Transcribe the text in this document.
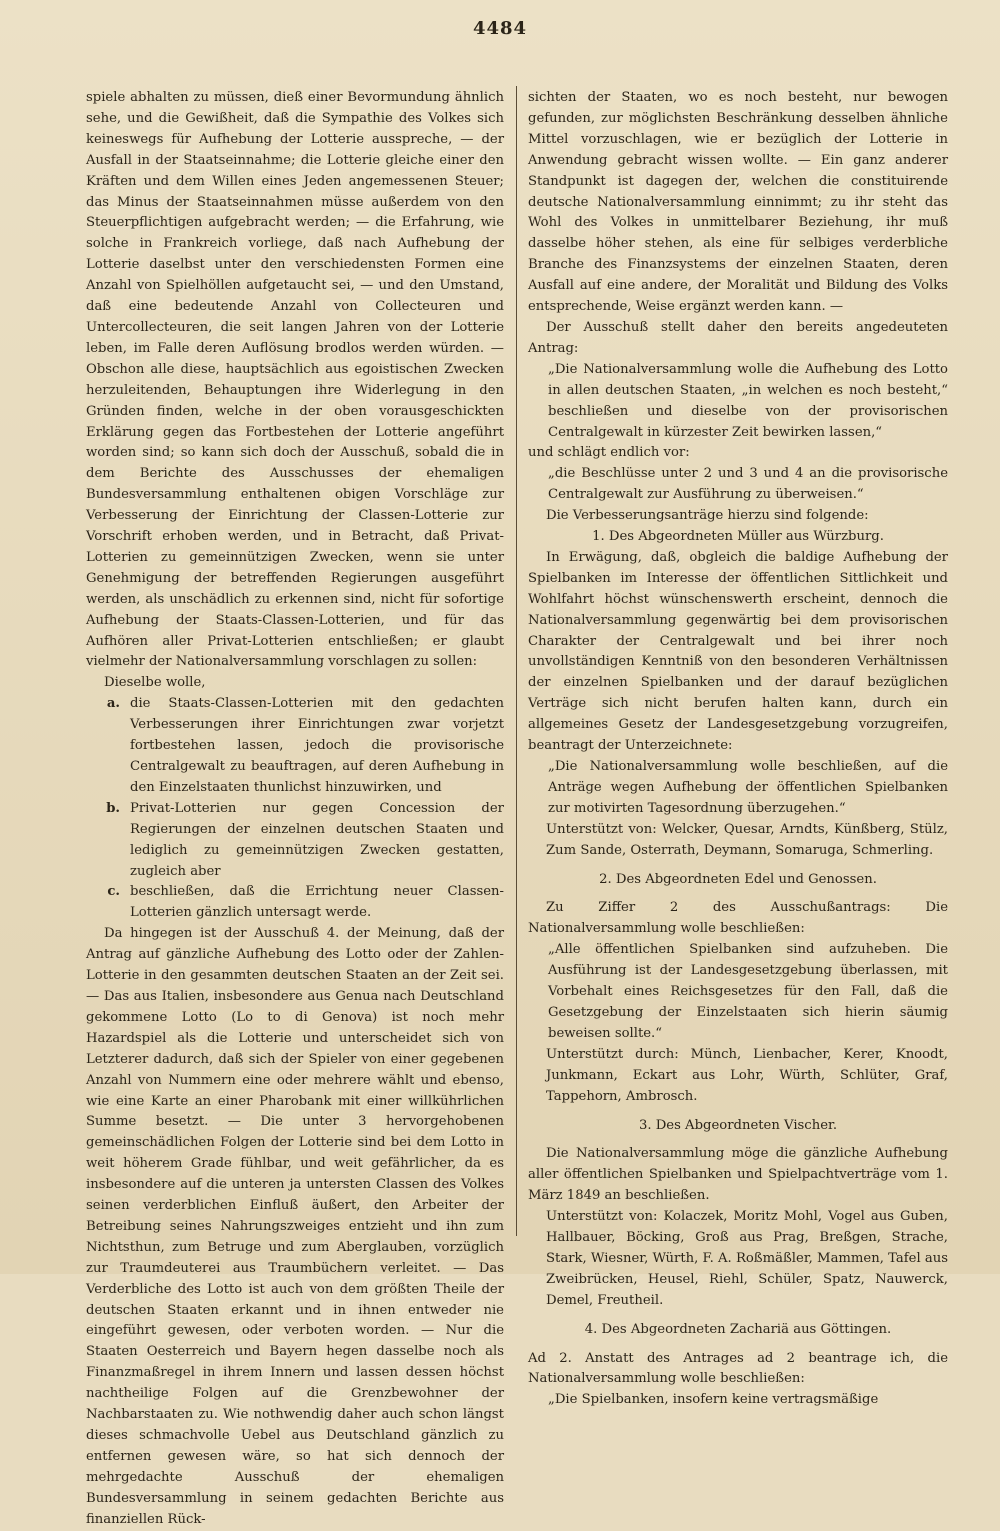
4484

spiele abhalten zu müssen, dieß einer Bevormundung ähnlich sehe, und die Gewißheit, daß die Sympathie des Volkes sich keineswegs für Aufhebung der Lotterie ausspreche, — der Ausfall in der Staatseinnahme; die Lotterie gleiche einer den Kräften und dem Willen eines Jeden angemessenen Steuer; das Minus der Staatseinnahmen müsse außerdem von den Steuerpflichtigen aufgebracht werden; — die Erfahrung, wie solche in Frankreich vorliege, daß nach Aufhebung der Lotterie daselbst unter den verschiedensten Formen eine Anzahl von Spielhöllen aufgetaucht sei, — und den Umstand, daß eine bedeutende Anzahl von Collecteuren und Untercollecteuren, die seit langen Jahren von der Lotterie leben, im Falle deren Auflösung brodlos werden würden. — Obschon alle diese, hauptsächlich aus egoistischen Zwecken herzuleitenden, Behauptungen ihre Widerlegung in den Gründen finden, welche in der oben vorausgeschickten Erklärung gegen das Fortbestehen der Lotterie angeführt worden sind; so kann sich doch der Ausschuß, sobald die in dem Berichte des Ausschusses der ehemaligen Bundesversammlung enthaltenen obigen Vorschläge zur Verbesserung der Einrichtung der Classen-Lotterie zur Vorschrift erhoben werden, und in Betracht, daß Privat-Lotterien zu gemeinnützigen Zwecken, wenn sie unter Genehmigung der betreffenden Regierungen ausgeführt werden, als unschädlich zu erkennen sind, nicht für sofortige Aufhebung der Staats-Classen-Lotterien, und für das Aufhören aller Privat-Lotterien entschließen; er glaubt vielmehr der Nationalversammlung vorschlagen zu sollen:

Dieselbe wolle,

a. die Staats-Classen-Lotterien mit den gedachten Verbesserungen ihrer Einrichtungen zwar vorjetzt fortbestehen lassen, jedoch die provisorische Centralgewalt zu beauftragen, auf deren Aufhebung in den Einzelstaaten thunlichst hinzuwirken, und
b. Privat-Lotterien nur gegen Concession der Regierungen der einzelnen deutschen Staaten und lediglich zu gemeinnützigen Zwecken gestatten, zugleich aber
c. beschließen, daß die Errichtung neuer Classen-Lotterien gänzlich untersagt werde.

Da hingegen ist der Ausschuß 4. der Meinung, daß der Antrag auf gänzliche Aufhebung des Lotto oder der Zahlen-Lotterie in den gesammten deutschen Staaten an der Zeit sei. — Das aus Italien, insbesondere aus Genua nach Deutschland gekommene Lotto (Lo to di Genova) ist noch mehr Hazardspiel als die Lotterie und unterscheidet sich von Letzterer dadurch, daß sich der Spieler von einer gegebenen Anzahl von Nummern eine oder mehrere wählt und ebenso, wie eine Karte an einer Pharobank mit einer willkührlichen Summe besetzt. — Die unter 3 hervorgehobenen gemeinschädlichen Folgen der Lotterie sind bei dem Lotto in weit höherem Grade fühlbar, und weit gefährlicher, da es insbesondere auf die unteren ja untersten Classen des Volkes seinen verderblichen Einfluß äußert, den Arbeiter der Betreibung seines Nahrungszweiges entzieht und ihn zum Nichtsthun, zum Betruge und zum Aberglauben, vorzüglich zur Traumdeuterei aus Traumbüchern verleitet. — Das Verderbliche des Lotto ist auch von dem größten Theile der deutschen Staaten erkannt und in ihnen entweder nie eingeführt gewesen, oder verboten worden. — Nur die Staaten Oesterreich und Bayern hegen dasselbe noch als Finanzmaßregel in ihrem Innern und lassen dessen höchst nachtheilige Folgen auf die Grenzbewohner der Nachbarstaaten zu. Wie nothwendig daher auch schon längst dieses schmachvolle Uebel aus Deutschland gänzlich zu entfernen gewesen wäre, so hat sich dennoch der mehrgedachte Ausschuß der ehemaligen Bundesversammlung in seinem gedachten Berichte aus finanziellen Rück-

sichten der Staaten, wo es noch besteht, nur bewogen gefunden, zur möglichsten Beschränkung desselben ähnliche Mittel vorzuschlagen, wie er bezüglich der Lotterie in Anwendung gebracht wissen wollte. — Ein ganz anderer Standpunkt ist dagegen der, welchen die constituirende deutsche Nationalversammlung einnimmt; zu ihr steht das Wohl des Volkes in unmittelbarer Beziehung, ihr muß dasselbe höher stehen, als eine für selbiges verderbliche Branche des Finanzsystems der einzelnen Staaten, deren Ausfall auf eine andere, der Moralität und Bildung des Volks entsprechende, Weise ergänzt werden kann. —

Der Ausschuß stellt daher den bereits angedeuteten Antrag:

„Die Nationalversammlung wolle die Aufhebung des Lotto in allen deutschen Staaten, „in welchen es noch besteht,“ beschließen und dieselbe von der provisorischen Centralgewalt in kürzester Zeit bewirken lassen,“

und schlägt endlich vor:

„die Beschlüsse unter 2 und 3 und 4 an die provisorische Centralgewalt zur Ausführung zu überweisen.“

Die Verbesserungsanträge hierzu sind folgende:

1. Des Abgeordneten Müller aus Würzburg.

In Erwägung, daß, obgleich die baldige Aufhebung der Spielbanken im Interesse der öffentlichen Sittlichkeit und Wohlfahrt höchst wünschenswerth erscheint, dennoch die Nationalversammlung gegenwärtig bei dem provisorischen Charakter der Centralgewalt und bei ihrer noch unvollständigen Kenntniß von den besonderen Verhältnissen der einzelnen Spielbanken und der darauf bezüglichen Verträge sich nicht berufen halten kann, durch ein allgemeines Gesetz der Landesgesetzgebung vorzugreifen, beantragt der Unterzeichnete:

„Die Nationalversammlung wolle beschließen, auf die Anträge wegen Aufhebung der öffentlichen Spielbanken zur motivirten Tagesordnung überzugehen.“

Unterstützt von: Welcker, Quesar, Arndts, Künßberg, Stülz, Zum Sande, Osterrath, Deymann, Somaruga, Schmerling.

2. Des Abgeordneten Edel und Genossen.

Zu Ziffer 2 des Ausschußantrags: Die Nationalversammlung wolle beschließen:

„Alle öffentlichen Spielbanken sind aufzuheben. Die Ausführung ist der Landesgesetzgebung überlassen, mit Vorbehalt eines Reichsgesetzes für den Fall, daß die Gesetzgebung der Einzelstaaten sich hierin säumig beweisen sollte.“

Unterstützt durch: Münch, Lienbacher, Kerer, Knoodt, Junkmann, Eckart aus Lohr, Würth, Schlüter, Graf, Tappehorn, Ambrosch.

3. Des Abgeordneten Vischer.

Die Nationalversammlung möge die gänzliche Aufhebung aller öffentlichen Spielbanken und Spielpachtverträge vom 1. März 1849 an beschließen.

Unterstützt von: Kolaczek, Moritz Mohl, Vogel aus Guben, Hallbauer, Böcking, Groß aus Prag, Breßgen, Strache, Stark, Wiesner, Würth, F. A. Roßmäßler, Mammen, Tafel aus Zweibrücken, Heusel, Riehl, Schüler, Spatz, Nauwerck, Demel, Freutheil.

4. Des Abgeordneten Zachariä aus Göttingen.

Ad 2. Anstatt des Antrages ad 2 beantrage ich, die Nationalversammlung wolle beschließen:

„Die Spielbanken, insofern keine vertragsmäßige
